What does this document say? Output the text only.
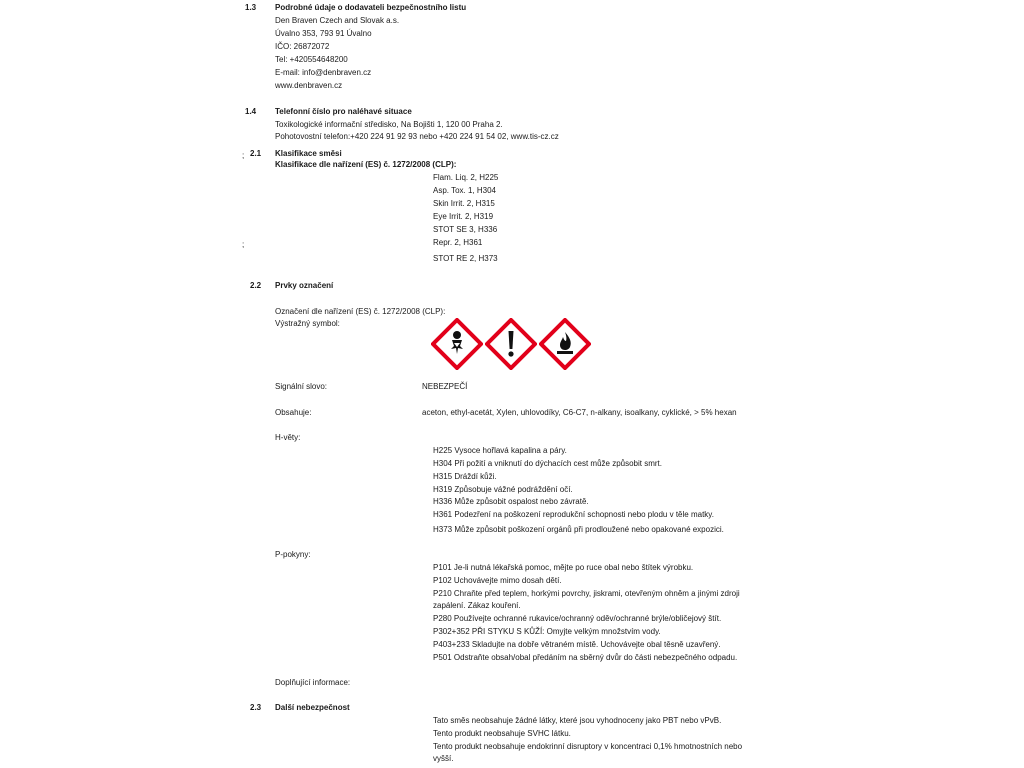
1.3 Podrobné údaje o dodavateli bezpečnostního listu
Den Braven Czech and Slovak a.s.
Úvalno 353, 793 91 Úvalno
IČO: 26872072
Tel: +420554648200
E-mail: info@denbraven.cz
www.denbraven.cz
1.4 Telefonní číslo pro naléhavé situace
Toxikologické informační středisko, Na Bojišti 1, 120 00 Praha 2.
Pohotovostní telefon:+420 224 91 92 93 nebo +420 224 91 54 02, www.tis-cz.cz
; 2.1 Klasifikace směsi
Klasifikace dle nařízení (ES) č. 1272/2008 (CLP):
Flam. Liq. 2, H225
Asp. Tox. 1, H304
Skin Irrit. 2, H315
Eye Irrit. 2, H319
STOT SE 3, H336
;	Repr. 2, H361
STOT RE 2, H373
2.2 Prvky označení
Označení dle nařízení (ES) č. 1272/2008 (CLP):
Výstražný symbol:
Signální slovo:	NEBEZPEČÍ
Obsahuje:	aceton, ethyl-acetát, Xylen, uhlovodíky, C6-C7, n-alkany, isoalkany, cyklické, > 5% hexan
H-věty:
H225 Vysoce hořlavá kapalina a páry.
H304 Při požití a vniknutí do dýchacích cest může způsobit smrt.
H315 Dráždí kůži.
H319 Způsobuje vážné podráždění očí.
H336 Může způsobit ospalost nebo závratě.
H361 Podezření na poškození reprodukční schopnosti nebo plodu v těle matky.
H373 Může způsobit poškození orgánů při prodloužené nebo opakované expozici.
P-pokyny:
P101 Je-li nutná lékařská pomoc, mějte po ruce obal nebo štítek výrobku.
P102 Uchovávejte mimo dosah dětí.
P210 Chraňte před teplem, horkými povrchy, jiskrami, otevřeným ohněm a jinými zdroji
zapálení. Zákaz kouření.
P280 Používejte ochranné rukavice/ochranný oděv/ochranné brýle/obličejový štít.
P302+352 PŘI STYKU S KŮŽÍ: Omyjte velkým množstvím vody.
P403+233 Skladujte na dobře větraném místě. Uchovávejte obal těsně uzavřený.
P501 Odstraňte obsah/obal předáním na sběrný dvůr do části nebezpečného odpadu.
Doplňující informace:
2.3 Další nebezpečnost
Tato směs neobsahuje žádné látky, které jsou vyhodnoceny jako PBT nebo vPvB.
Tento produkt neobsahuje SVHC látku.
Tento produkt neobsahuje endokrinní disruptory v koncentraci 0,1% hmotnostních nebo
vyšší.
